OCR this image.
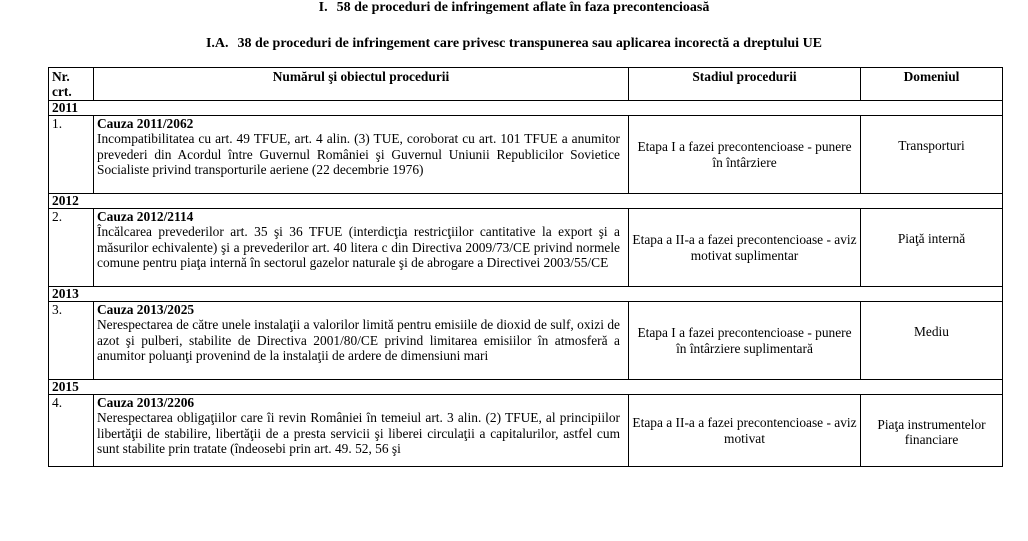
I. 58 de proceduri de infringement aflate în faza precontencioasă
I.A. 38 de proceduri de infringement care privesc transpunerea sau aplicarea incorectă a dreptului UE
Nr. crt.	Numărul şi obiectul procedurii	Stadiul procedurii	Domeniul
2011			
1.	Cauza 2011/2062
Incompatibilitatea cu art. 49 TFUE, art. 4 alin. (3) TUE, coroborat cu art. 101 TFUE a anumitor prevederi din Acordul între Guvernul României şi Guvernul Uniunii Republicilor Sovietice Socialiste privind transporturile aeriene (22 decembrie 1976)	Etapa I a fazei precontencioase - punere în întârziere	Transporturi
2012			
2.	Cauza 2012/2114
Încălcarea prevederilor art. 35 şi 36 TFUE (interdicţia restricţiilor cantitative la export şi a măsurilor echivalente) şi a prevederilor art. 40 litera c din Directiva 2009/73/CE privind normele comune pentru piaţa internă în sectorul gazelor naturale şi de abrogare a Directivei 2003/55/CE	Etapa a II-a a fazei precontencioase - aviz motivat suplimentar	Piaţă internă
2013			
3.	Cauza 2013/2025
Nerespectarea de către unele instalaţii a valorilor limită pentru emisiile de dioxid de sulf, oxizi de azot şi pulberi, stabilite de Directiva 2001/80/CE privind limitarea emisiilor în atmosferă a anumitor poluanţi provenind de la instalaţii de ardere de dimensiuni mari	Etapa I a fazei precontencioase - punere în întârziere suplimentară	Mediu
2015			
4.	Cauza 2013/2206
Nerespectarea obligaţiilor care îi revin României în temeiul art. 3 alin. (2) TFUE, al principiilor libertăţii de stabilire, libertăţii de a presta servicii şi liberei circulaţii a capitalurilor, astfel cum sunt stabilite prin tratate (îndeosebi prin art. 49. 52, 56 şi	Etapa a II-a a fazei precontencioase - aviz motivat	Piaţa instrumentelor financiare
